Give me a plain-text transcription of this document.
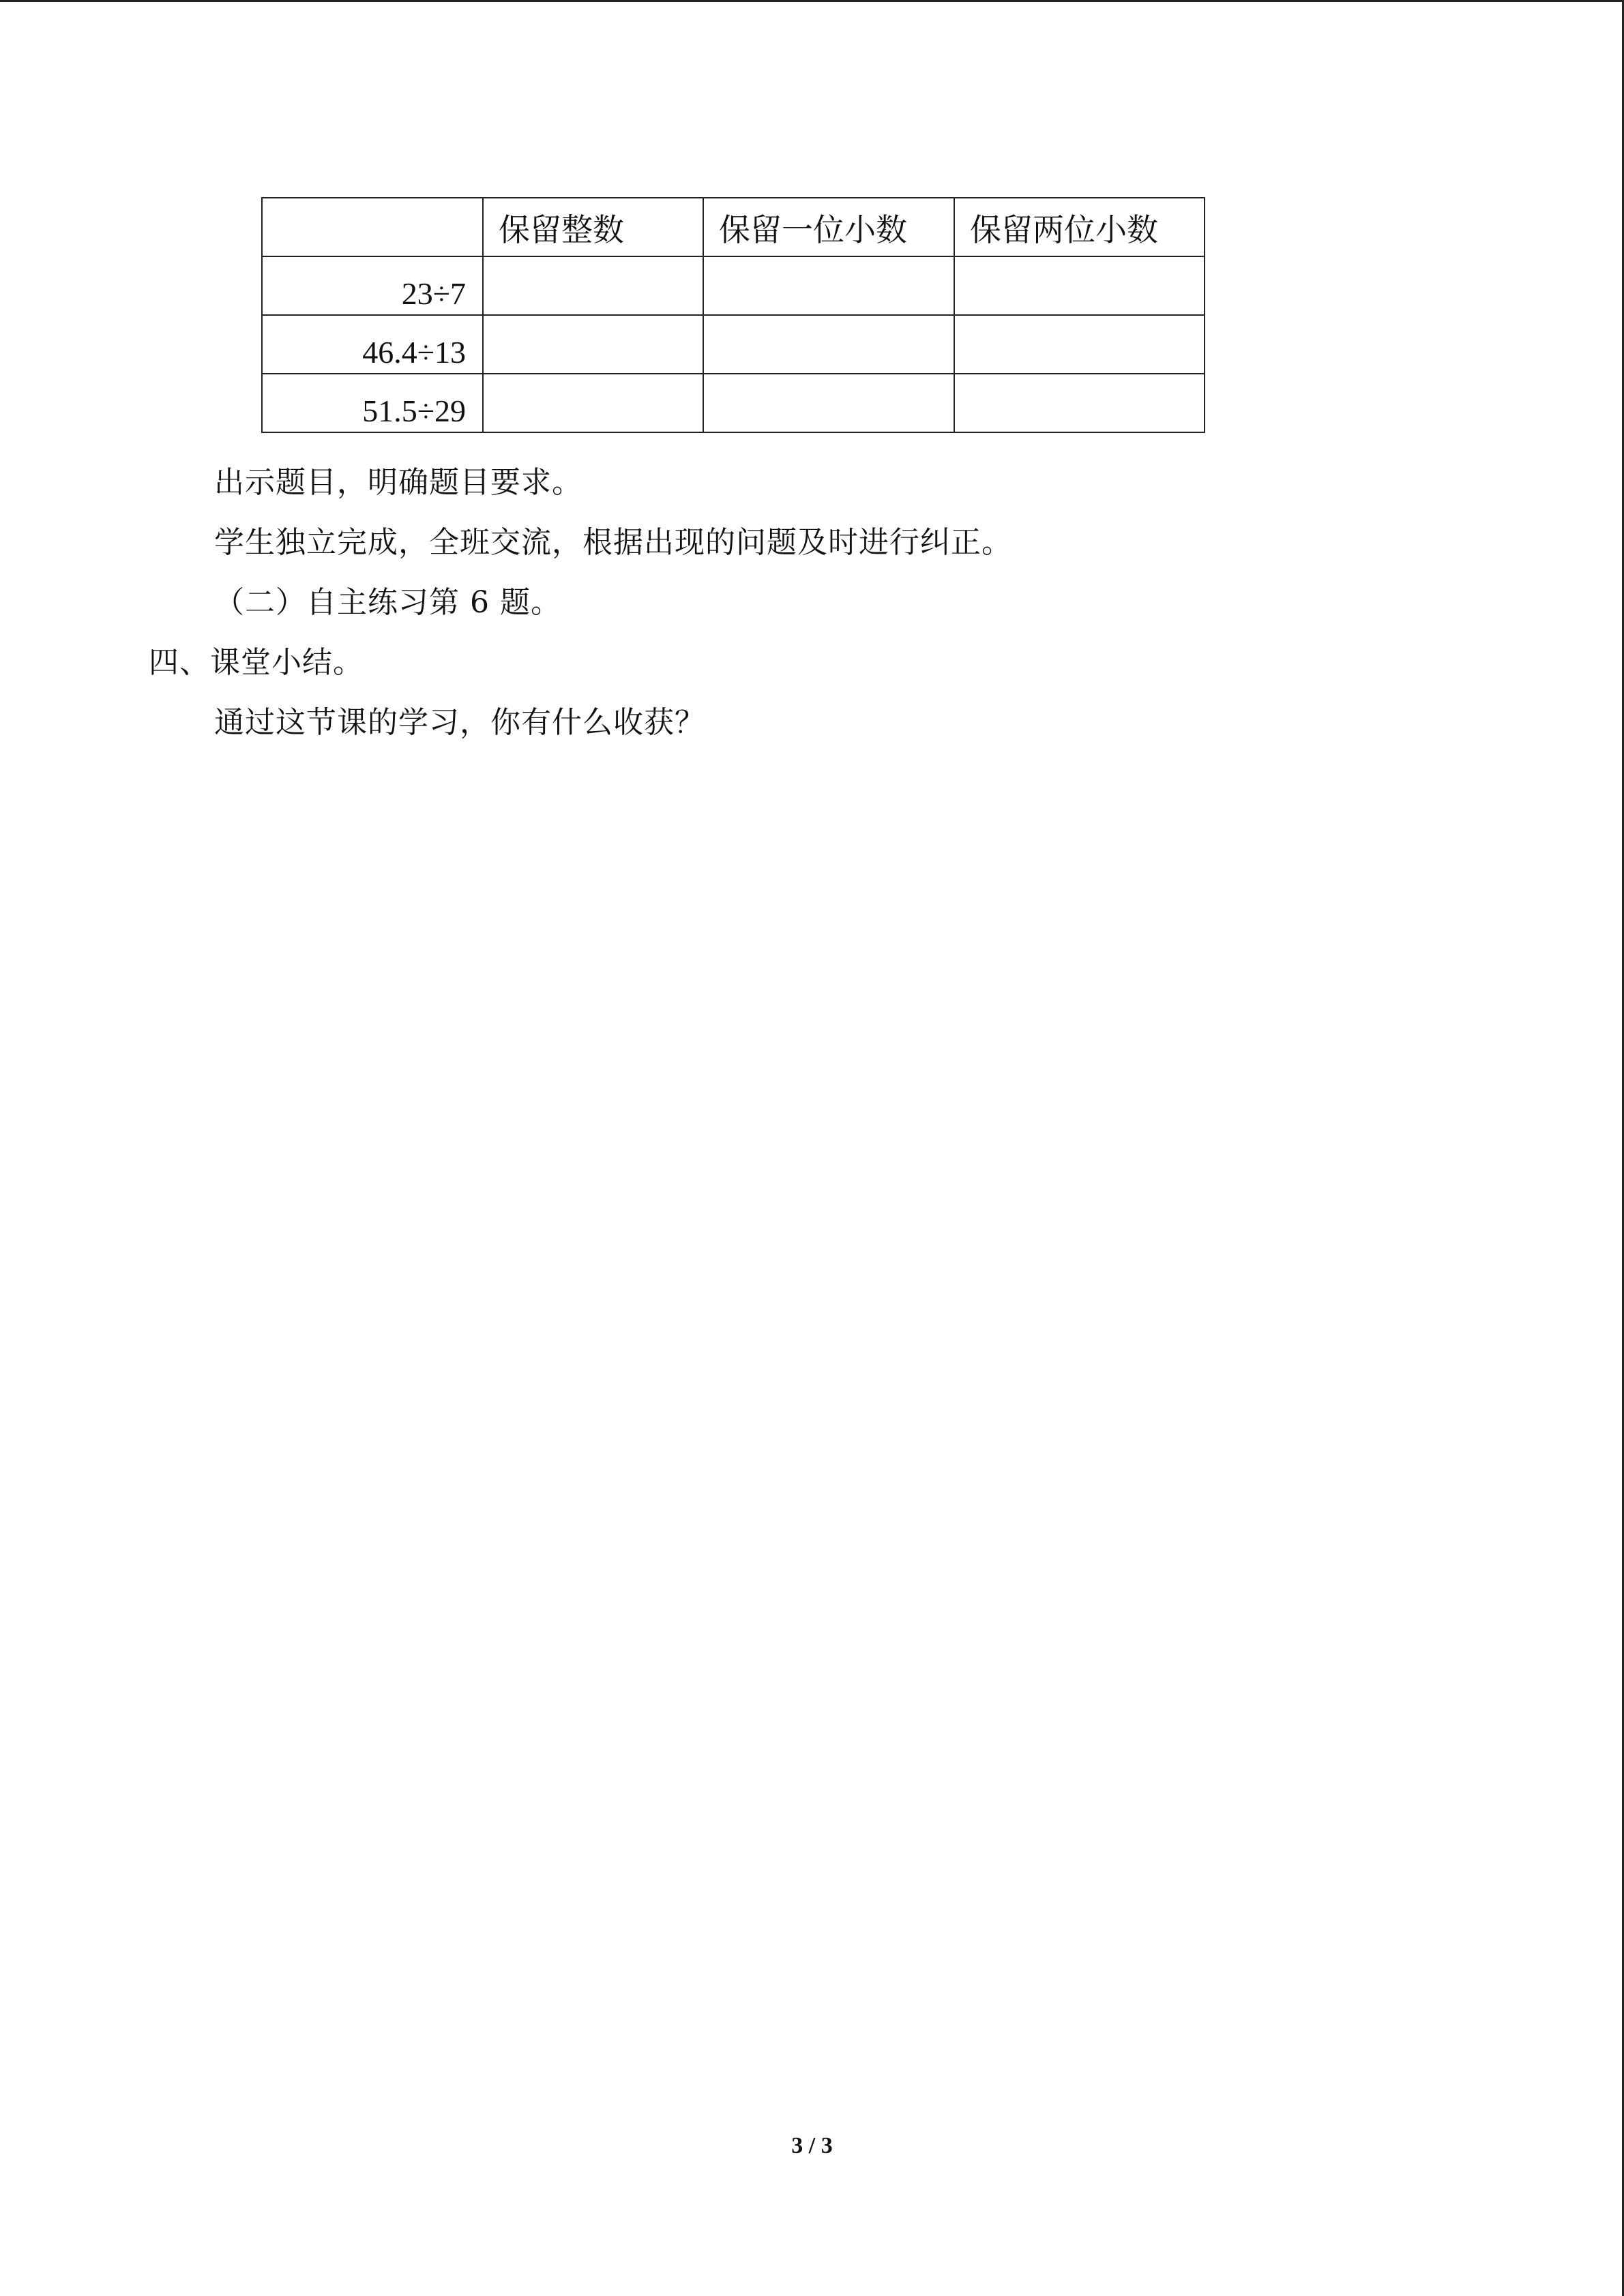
	保留整数	保留一位小数	保留两位小数
23÷7			
46.4÷13			
51.5÷29			
出示题目，明确题目要求。
学生独立完成，全班交流，根据出现的问题及时进行纠正。
（二）自主练习第 6 题。
四、课堂小结。
通过这节课的学习，你有什么收获？
3 / 3
